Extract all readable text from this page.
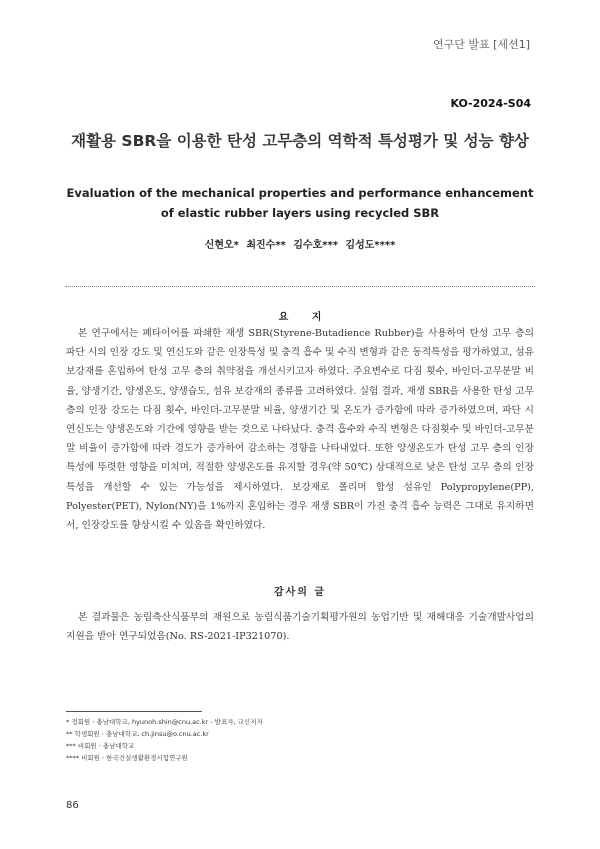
연구단 발표 [세션1]
KO-2024-S04
재활용 SBR을 이용한 탄성 고무층의 역학적 특성평가 및 성능 향상
Evaluation of the mechanical properties and performance enhancement of elastic rubber layers using recycled SBR
신현오* 최진수** 김수호*** 김성도****
요 지
본 연구에서는 폐타이어를 파쇄한 재생 SBR(Styrene-Butadience Rubber)을 사용하여 탄성 고무 층의 파단 시의 인장 강도 및 연신도와 같은 인장특성 및 충격 흡수 및 수직 변형과 같은 동적특성을 평가하였고, 섬유 보강재를 혼입하여 탄성 고무 층의 취약점을 개선시키고자 하였다. 주요변수로 다짐 횟수, 바인더-고무분말 비율, 양생기간, 양생온도, 양생습도, 섬유 보강재의 종류를 고려하였다. 실험 결과, 재생 SBR을 사용한 탄성 고무 층의 인장 강도는 다짐 횟수, 바인더-고무분말 비율, 양생기간 및 온도가 증가함에 따라 증가하였으며, 파단 시 연신도는 양생온도와 기간에 영향을 받는 것으로 나타났다. 충격 흡수와 수직 변형은 다짐횟수 및 바인더-고무분말 비율이 증가함에 따라 경도가 증가하여 감소하는 경향을 나타내었다. 또한 양생온도가 탄성 고무 층의 인장 특성에 뚜렷한 영향을 미치며, 적절한 양생온도를 유지할 경우(약 50℃) 상대적으로 낮은 탄성 고무 층의 인장 특성을 개선할 수 있는 가능성을 제시하였다. 보강재로 폴리머 합성 섬유인 Polypropylene(PP), Polyester(PET), Nylon(NY)을 1%까지 혼입하는 경우 재생 SBR이 가진 충격 흡수 능력은 그대로 유지하면서, 인장강도를 향상시킬 수 있음을 확인하였다.
감사의 글
본 결과물은 농림축산식품부의 재원으로 농림식품기술기획평가원의 농업기반 및 재해대응 기술개발사업의 지원을 받아 연구되었음(No. RS-2021-IP321070).
* 정회원ㆍ충남대학교, hyunoh.shin@cnu.ac.kr - 발표자, 교신저자
** 학생회원ㆍ충남대학교, ch.jinsu@o.cnu.ac.kr
*** 비회원ㆍ충남대학교
**** 비회원ㆍ한국건설생활환경시험연구원
86
